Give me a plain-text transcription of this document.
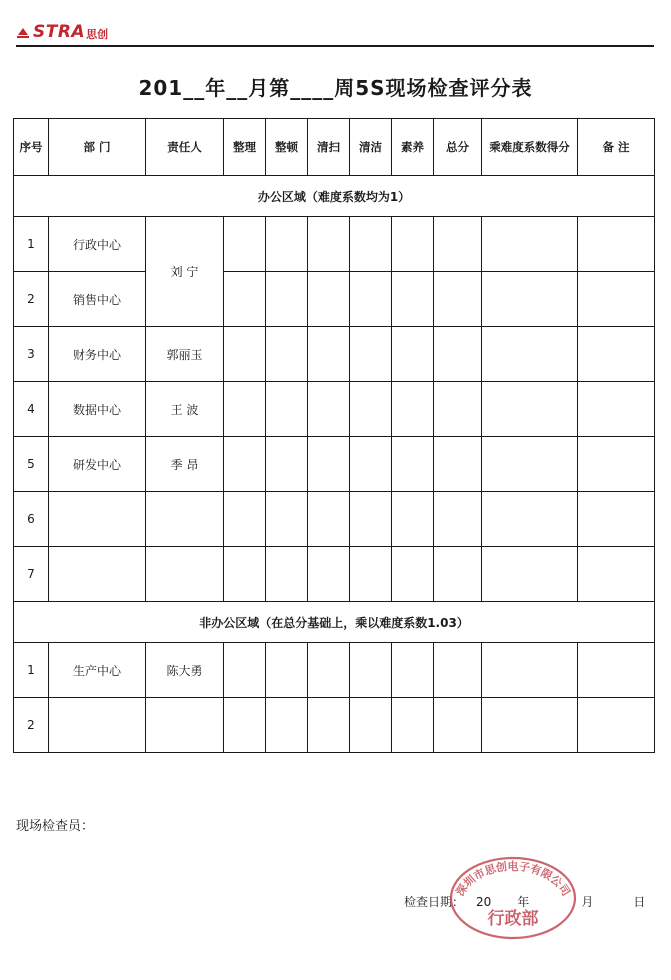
STRA 思创
201__年__月第____周5S现场检查评分表
序号	部 门	责任人	整理	整顿	清扫	清洁	素养	总分	乘难度系数得分	备 注
办公区域（难度系数均为1）										
1	行政中心	刘 宁								
2	销售中心									
3	财务中心	郭丽玉								
4	数据中心	王 波								
5	研发中心	季 昂								
6										
7										
非办公区域（在总分基础上，乘以难度系数1.03）										
1	生产中心	陈大勇								
2										
现场检查员：
检查日期： 20 年	月	日
深圳市思创电子有限公司
行政部
